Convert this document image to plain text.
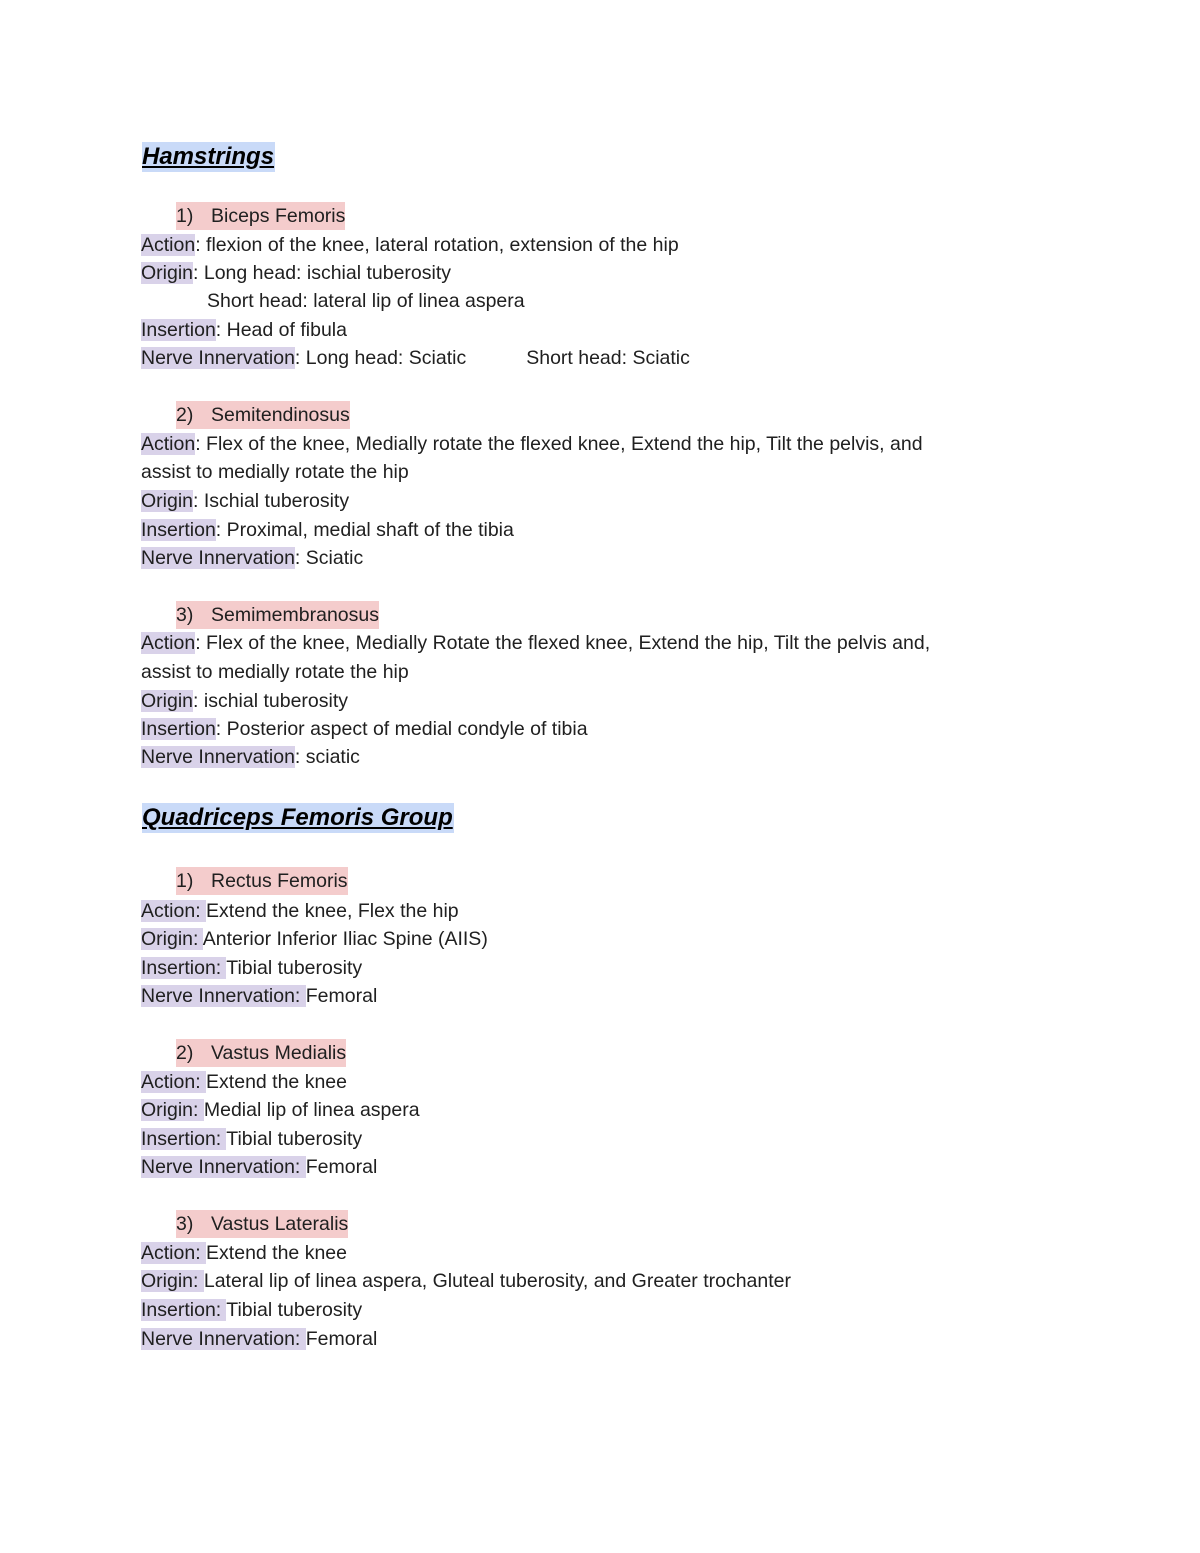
Hamstrings
1) Biceps Femoris
Action: flexion of the knee, lateral rotation, extension of the hip
Origin: Long head: ischial tuberosity
Short head: lateral lip of linea aspera
Insertion: Head of fibula
Nerve Innervation: Long head: Sciatic	Short head: Sciatic
2) Semitendinosus
Action: Flex of the knee, Medially rotate the flexed knee, Extend the hip, Tilt the pelvis, and
assist to medially rotate the hip
Origin: Ischial tuberosity
Insertion: Proximal, medial shaft of the tibia
Nerve Innervation: Sciatic
3) Semimembranosus
Action: Flex of the knee, Medially Rotate the flexed knee, Extend the hip, Tilt the pelvis and,
assist to medially rotate the hip
Origin: ischial tuberosity
Insertion: Posterior aspect of medial condyle of tibia
Nerve Innervation: sciatic
Quadriceps Femoris Group
1) Rectus Femoris
Action: Extend the knee, Flex the hip
Origin: Anterior Inferior Iliac Spine (AIIS)
Insertion: Tibial tuberosity
Nerve Innervation: Femoral
2) Vastus Medialis
Action: Extend the knee
Origin: Medial lip of linea aspera
Insertion: Tibial tuberosity
Nerve Innervation: Femoral
3) Vastus Lateralis
Action: Extend the knee
Origin: Lateral lip of linea aspera, Gluteal tuberosity, and Greater trochanter
Insertion: Tibial tuberosity
Nerve Innervation: Femoral
